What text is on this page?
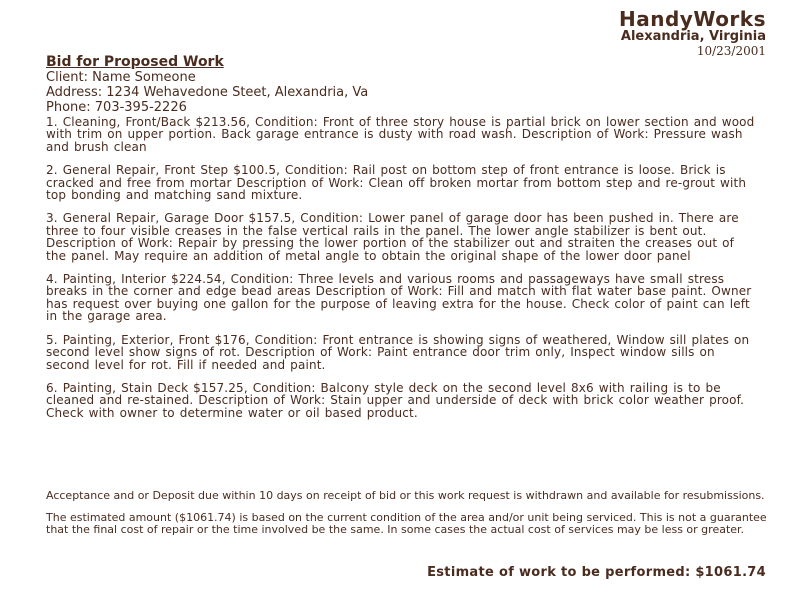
HandyWorks
Alexandria, Virginia
10/23/2001
Bid for Proposed Work
Client: Name Someone
Address: 1234 Wehavedone Steet, Alexandria, Va
Phone: 703-395-2226
1. Cleaning, Front/Back $213.56, Condition: Front of three story house is partial brick on lower section and wood with trim on upper portion. Back garage entrance is dusty with road wash. Description of Work: Pressure wash and brush clean
2. General Repair, Front Step $100.5, Condition: Rail post on bottom step of front entrance is loose. Brick is cracked and free from mortar Description of Work: Clean off broken mortar from bottom step and re-grout with top bonding and matching sand mixture.
3. General Repair, Garage Door $157.5, Condition: Lower panel of garage door has been pushed in. There are three to four visible creases in the false vertical rails in the panel. The lower angle stabilizer is bent out. Description of Work: Repair by pressing the lower portion of the stabilizer out and straiten the creases out of the panel. May require an addition of metal angle to obtain the original shape of the lower door panel
4. Painting, Interior $224.54, Condition: Three levels and various rooms and passageways have small stress breaks in the corner and edge bead areas Description of Work: Fill and match with flat water base paint. Owner has request over buying one gallon for the purpose of leaving extra for the house. Check color of paint can left in the garage area.
5. Painting, Exterior, Front $176, Condition: Front entrance is showing signs of weathered, Window sill plates on second level show signs of rot. Description of Work: Paint entrance door trim only, Inspect window sills on second level for rot. Fill if needed and paint.
6. Painting, Stain Deck $157.25, Condition: Balcony style deck on the second level 8x6 with railing is to be cleaned and re-stained. Description of Work: Stain upper and underside of deck with brick color weather proof. Check with owner to determine water or oil based product.

Acceptance and or Deposit due within 10 days on receipt of bid or this work request is withdrawn and available for resubmissions.

The estimated amount ($1061.74) is based on the current condition of the area and/or unit being serviced. This is not a guarantee that the final cost of repair or the time involved be the same. In some cases the actual cost of services may be less or greater.

Estimate of work to be performed: $1061.74
